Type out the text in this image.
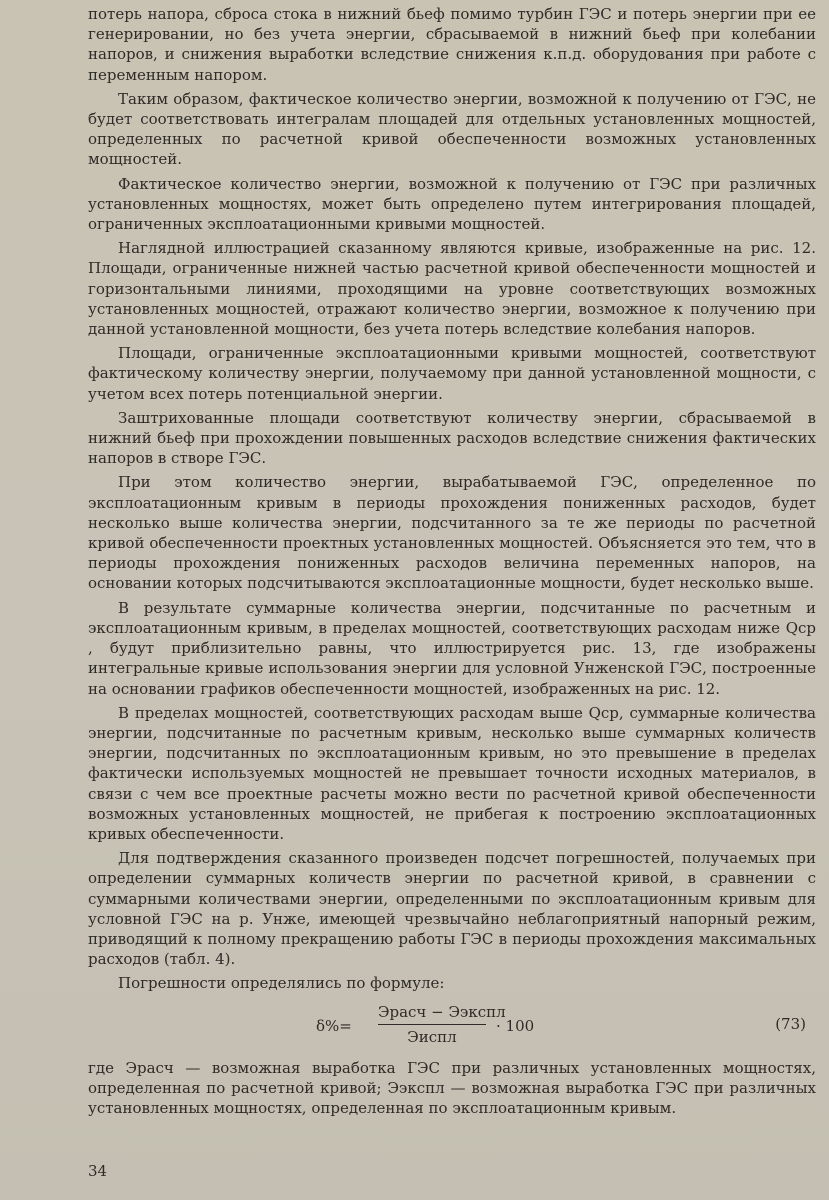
потерь напора, сброса стока в нижний бьеф помимо турбин ГЭС и потерь энергии при ее генерировании, но без учета энергии, сбрасываемой в нижний бьеф при колебании напоров, и снижения выработки вследствие снижения к.п.д. оборудования при работе с переменным напором.

Таким образом, фактическое количество энергии, возможной к получению от ГЭС, не будет соответствовать интегралам площадей для отдельных установленных мощностей, определенных по расчетной кривой обеспеченности возможных установленных мощностей.

Фактическое количество энергии, возможной к получению от ГЭС при различных установленных мощностях, может быть определено путем интегрирования площадей, ограниченных эксплоатационными кривыми мощностей.

Наглядной иллюстрацией сказанному являются кривые, изображенные на рис. 12. Площади, ограниченные нижней частью расчетной кривой обеспеченности мощностей и горизонтальными линиями, проходящими на уровне соответствующих возможных установленных мощностей, отражают количество энергии, возможное к получению при данной установленной мощности, без учета потерь вследствие колебания напоров.

Площади, ограниченные эксплоатационными кривыми мощностей, соответствуют фактическому количеству энергии, получаемому при данной установленной мощности, с учетом всех потерь потенциальной энергии.

Заштрихованные площади соответствуют количеству энергии, сбрасываемой в нижний бьеф при прохождении повышенных расходов вследствие снижения фактических напоров в створе ГЭС.

При этом количество энергии, вырабатываемой ГЭС, определенное по эксплоатационным кривым в периоды прохождения пониженных расходов, будет несколько выше количества энергии, подсчитанного за те же периоды по расчетной кривой обеспеченности проектных установленных мощностей. Объясняется это тем, что в периоды прохождения пониженных расходов величина переменных напоров, на основании которых подсчитываются эксплоатационные мощности, будет несколько выше.

В результате суммарные количества энергии, подсчитанные по расчетным и эксплоатационным кривым, в пределах мощностей, соответствующих расходам ниже Qср , будут приблизительно равны, что иллюстрируется рис. 13, где изображены интегральные кривые использования энергии для условной Унженской ГЭС, построенные на основании графиков обеспеченности мощностей, изображенных на рис. 12.

В пределах мощностей, соответствующих расходам выше Qср, суммарные количества энергии, подсчитанные по расчетным кривым, несколько выше суммарных количеств энергии, подсчитанных по эксплоатационным кривым, но это превышение в пределах фактически используемых мощностей не превышает точности исходных материалов, в связи с чем все проектные расчеты можно вести по расчетной кривой обеспеченности возможных установленных мощностей, не прибегая к построению эксплоатационных кривых обеспеченности.

Для подтверждения сказанного произведен подсчет погрешностей, получаемых при определении суммарных количеств энергии по расчетной кривой, в сравнении с суммарными количествами энергии, определенными по эксплоатационным кривым для условной ГЭС на р. Унже, имеющей чрезвычайно неблагоприятный напорный режим, приводящий к полному прекращению работы ГЭС в периоды прохождения максимальных расходов (табл. 4).

Погрешности определялись по формуле:

δ%=
Эрасч − Ээкспл
Эиспл
· 100	(73)

где Эрасч — возможная выработка ГЭС при различных установленных мощностях, определенная по расчетной кривой; Ээкспл — возможная выработка ГЭС при различных установленных мощностях, определенная по эксплоатационным кривым.

34
